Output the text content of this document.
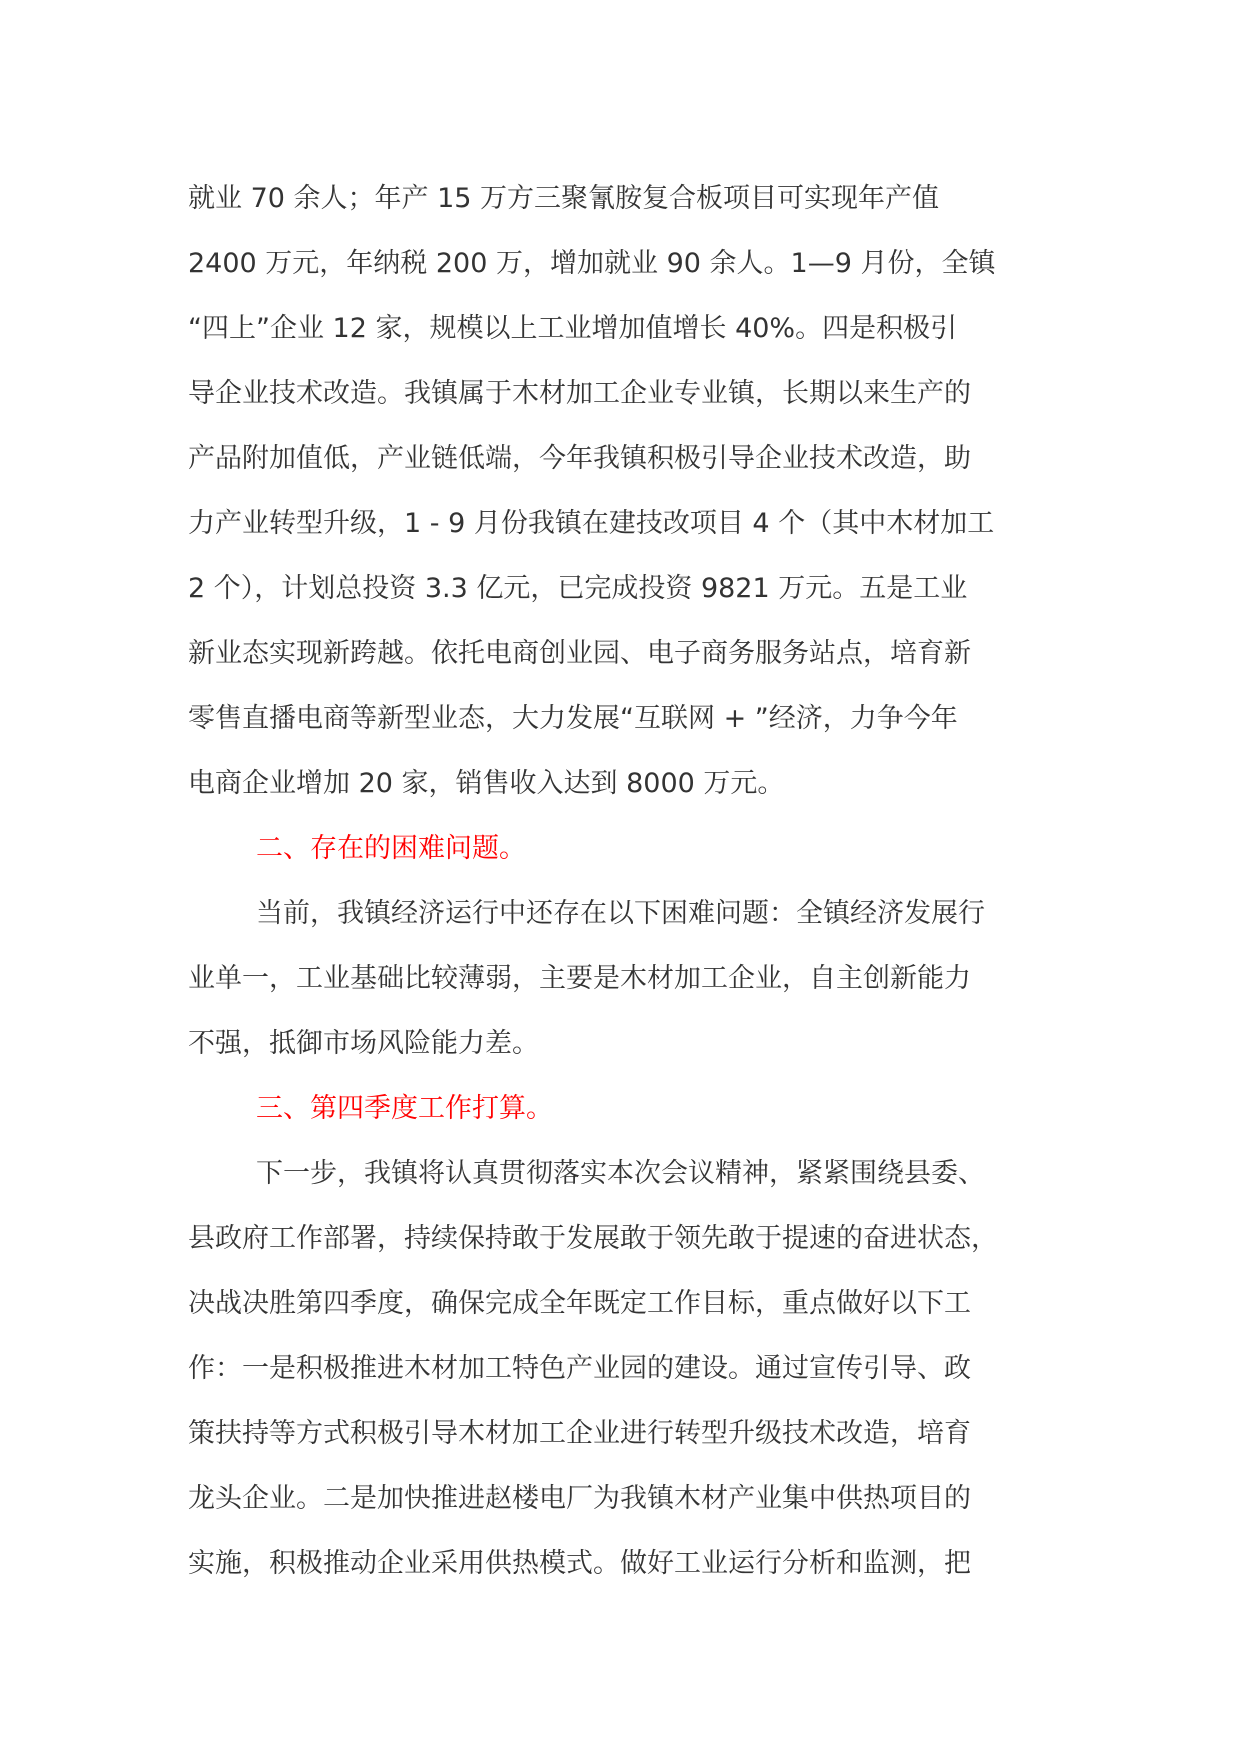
就业 70 余人；年产 15 万方三聚氰胺复合板项目可实现年产值
2400 万元，年纳税 200 万，增加就业 90 余人。1—9 月份，全镇
“四上”企业 12 家，规模以上工业增加值增长 40%。四是积极引
导企业技术改造。我镇属于木材加工企业专业镇，长期以来生产的
产品附加值低，产业链低端，今年我镇积极引导企业技术改造，助
力产业转型升级，1 - 9 月份我镇在建技改项目 4 个（其中木材加工
2 个），计划总投资 3.3 亿元，已完成投资 9821 万元。五是工业
新业态实现新跨越。依托电商创业园、电子商务服务站点，培育新
零售直播电商等新型业态，大力发展“互联网 + ”经济，力争今年
电商企业增加 20 家，销售收入达到 8000 万元。
二、存在的困难问题。
当前，我镇经济运行中还存在以下困难问题：全镇经济发展行
业单一，工业基础比较薄弱，主要是木材加工企业，自主创新能力
不强，抵御市场风险能力差。
三、第四季度工作打算。
下一步，我镇将认真贯彻落实本次会议精神，紧紧围绕县委、
县政府工作部署，持续保持敢于发展敢于领先敢于提速的奋进状态，
决战决胜第四季度，确保完成全年既定工作目标，重点做好以下工
作：一是积极推进木材加工特色产业园的建设。通过宣传引导、政
策扶持等方式积极引导木材加工企业进行转型升级技术改造，培育
龙头企业。二是加快推进赵楼电厂为我镇木材产业集中供热项目的
实施，积极推动企业采用供热模式。做好工业运行分析和监测，把
